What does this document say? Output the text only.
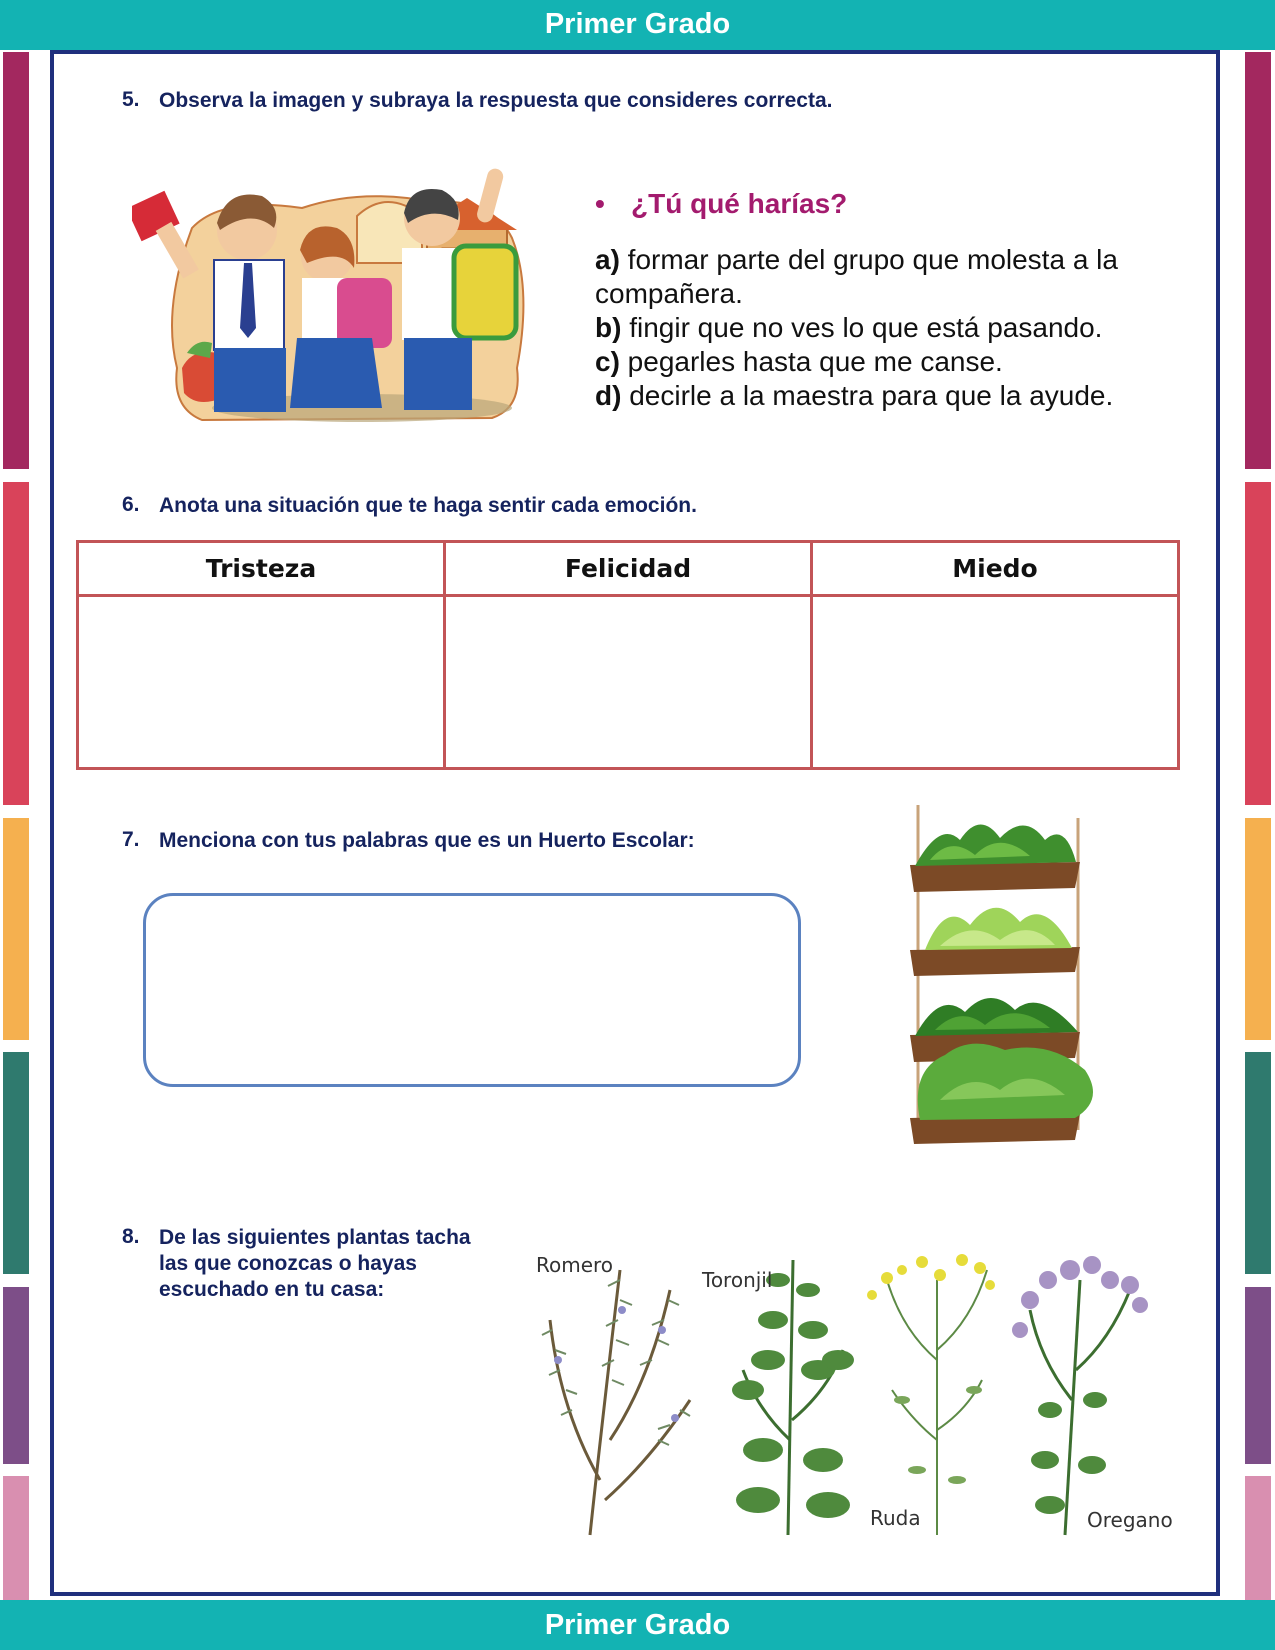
Primer Grado
Primer Grado
5. Observa la imagen y subraya la respuesta que consideres correcta.
• ¿Tú qué harías?
a) formar parte del grupo que molesta a la compañera.
b) fingir que no ves lo que está pasando.
c) pegarles hasta que me canse.
d) decirle a la maestra para que la ayude.
6. Anota una situación que te haga sentir cada emoción.
Tristeza	Felicidad	Miedo

7. Menciona con tus palabras que es un Huerto Escolar:
8. De las siguientes plantas tacha las que conozcas o hayas escuchado en tu casa:
Romero
Toronjil
Ruda	Oregano
